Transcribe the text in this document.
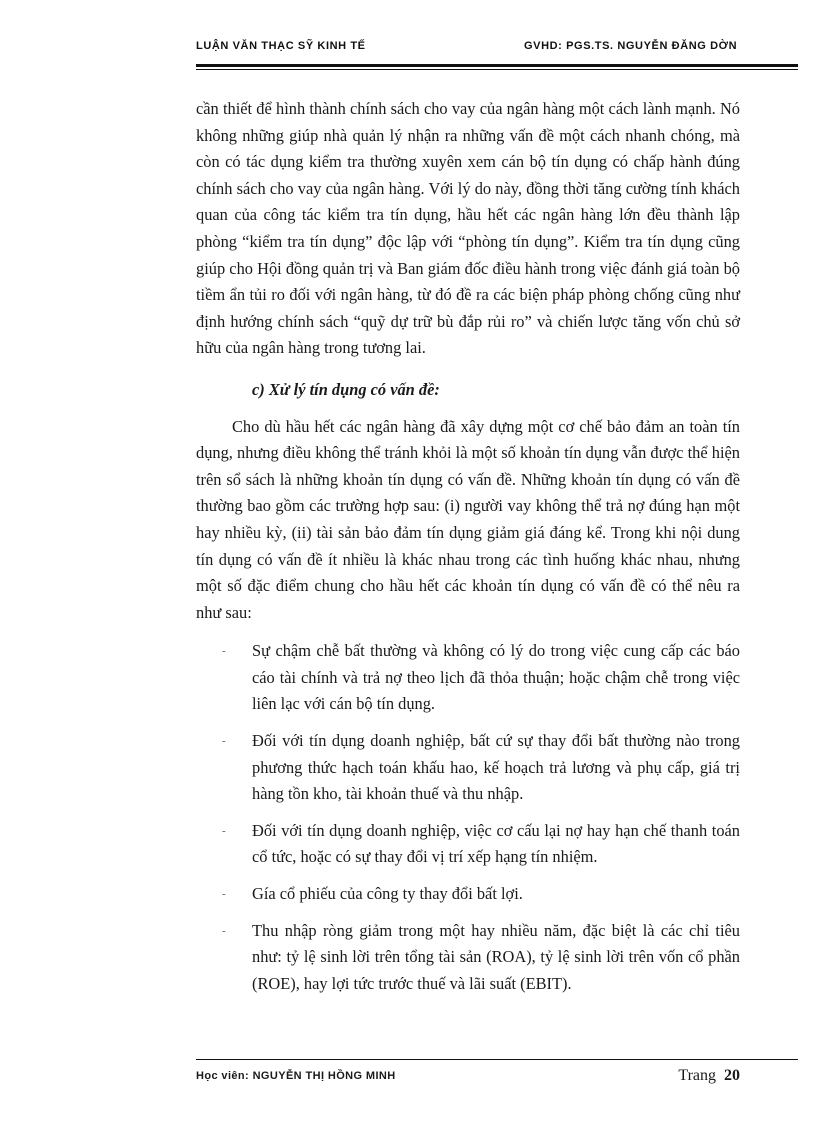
LUẬN VĂN THẠC SỸ KINH TẾ	GVHD: PGS.TS. NGUYỄN ĐĂNG DỜN

cần thiết để hình thành chính sách cho vay của ngân hàng một cách lành mạnh. Nó không những giúp nhà quản lý nhận ra những vấn đề một cách nhanh chóng, mà còn có tác dụng kiểm tra thường xuyên xem cán bộ tín dụng có chấp hành đúng chính sách cho vay của ngân hàng. Với lý do này, đồng thời tăng cường tính khách quan của công tác kiểm tra tín dụng, hầu hết các ngân hàng lớn đều thành lập phòng “kiểm tra tín dụng” độc lập với “phòng tín dụng”. Kiểm tra tín dụng cũng giúp cho Hội đồng quản trị và Ban giám đốc điều hành trong việc đánh giá toàn bộ tiềm ẩn tủi ro đối với ngân hàng, từ đó đề ra các biện pháp phòng chống cũng như định hướng chính sách “quỹ dự trữ bù đắp rủi ro” và chiến lược tăng vốn chủ sở hữu của ngân hàng trong tương lai.

c) Xử lý tín dụng có vấn đề:

Cho dù hầu hết các ngân hàng đã xây dựng một cơ chế bảo đảm an toàn tín dụng, nhưng điều không thể tránh khỏi là một số khoản tín dụng vẫn được thể hiện trên sổ sách là những khoản tín dụng có vấn đề. Những khoản tín dụng có vấn đề thường bao gồm các trường hợp sau: (i) người vay không thể trả nợ đúng hạn một hay nhiều kỳ, (ii) tài sản bảo đảm tín dụng giảm giá đáng kể. Trong khi nội dung tín dụng có vấn đề ít nhiều là khác nhau trong các tình huống khác nhau, nhưng một số đặc điểm chung cho hầu hết các khoản tín dụng có vấn đề có thể nêu ra như sau:

- Sự chậm chễ bất thường và không có lý do trong việc cung cấp các báo cáo tài chính và trả nợ theo lịch đã thỏa thuận; hoặc chậm chễ trong việc liên lạc với cán bộ tín dụng.
- Đối với tín dụng doanh nghiệp, bất cứ sự thay đổi bất thường nào trong phương thức hạch toán khấu hao, kế hoạch trả lương và phụ cấp, giá trị hàng tồn kho, tài khoản thuế và thu nhập.
- Đối với tín dụng doanh nghiệp, việc cơ cấu lại nợ hay hạn chế thanh toán cổ tức, hoặc có sự thay đổi vị trí xếp hạng tín nhiệm.
- Gía cổ phiếu của công ty thay đổi bất lợi.
- Thu nhập ròng giảm trong một hay nhiều năm, đặc biệt là các chỉ tiêu như: tỷ lệ sinh lời trên tổng tài sản (ROA), tỷ lệ sinh lời trên vốn cổ phần (ROE), hay lợi tức trước thuế và lãi suất (EBIT).
Học viên: NGUYỄN THỊ HỒNG MINH	Trang 20
